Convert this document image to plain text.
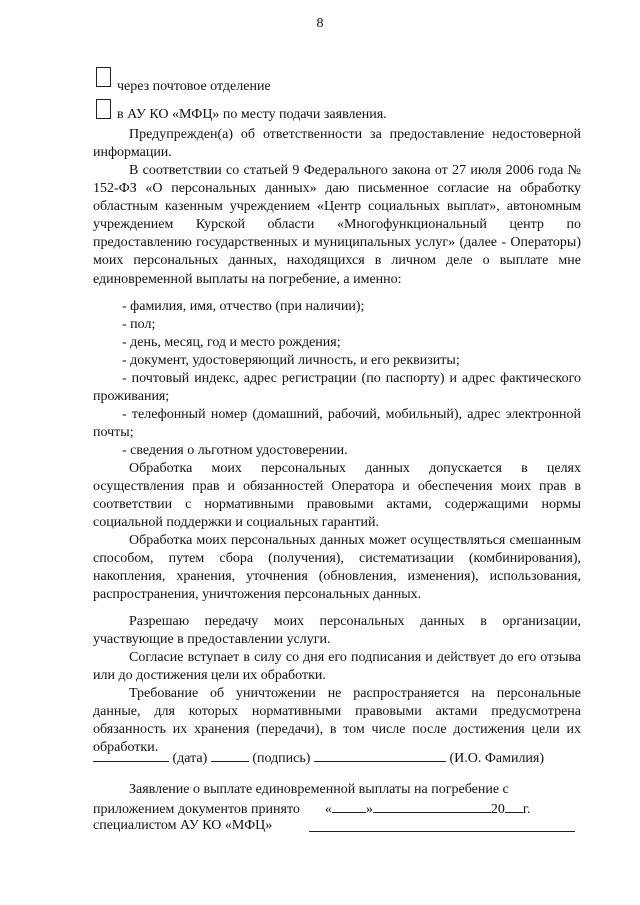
8
через почтовое отделение
в АУ КО «МФЦ» по месту подачи заявления.
Предупрежден(а) об ответственности за предоставление недостоверной информации.
В соответствии со статьей 9 Федерального закона от 27 июля 2006 года № 152-ФЗ «О персональных данных» даю письменное согласие на обработку областным казенным учреждением «Центр социальных выплат», автономным учреждением Курской области «Многофункциональный центр по предоставлению государственных и муниципальных услуг» (далее - Операторы) моих персональных данных, находящихся в личном деле о выплате мне единовременной выплаты на погребение, а именно:
- фамилия, имя, отчество (при наличии);
- пол;
- день, месяц, год и место рождения;
- документ, удостоверяющий личность, и его реквизиты;
- почтовый индекс, адрес регистрации (по паспорту) и адрес фактического проживания;
- телефонный номер (домашний, рабочий, мобильный), адрес электронной почты;
- сведения о льготном удостоверении.
Обработка моих персональных данных допускается в целях осуществления прав и обязанностей Оператора и обеспечения моих прав в соответствии с нормативными правовыми актами, содержащими нормы социальной поддержки и социальных гарантий.
Обработка моих персональных данных может осуществляться смешанным способом, путем сбора (получения), систематизации (комбинирования), накопления, хранения, уточнения (обновления, изменения), использования, распространения, уничтожения персональных данных.
Разрешаю передачу моих персональных данных в организации, участвующие в предоставлении услуги.
Согласие вступает в силу со дня его подписания и действует до его отзыва или до достижения цели их обработки.
Требование об уничтожении не распространяется на персональные данные, для которых нормативными правовыми актами предусмотрена обязанность их хранения (передачи), в том числе после достижения цели их обработки.
(дата)	(подпись)	(И.О. Фамилия)
Заявление о выплате единовременной выплаты на погребение с
приложением документов принято « »	20 г.
специалистом АУ КО «МФЦ»
